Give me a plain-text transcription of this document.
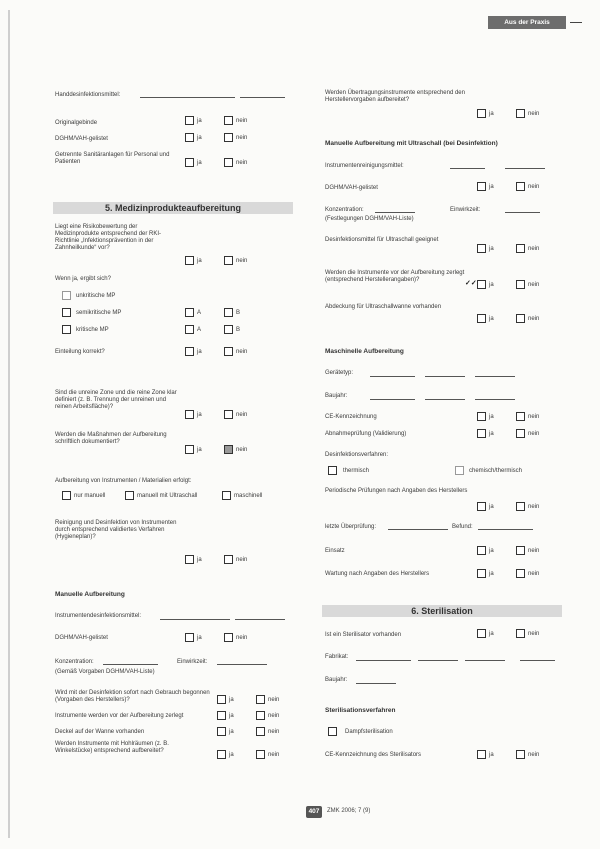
Aus der Praxis
Handdesinfektionsmittel:
Originalgebinde	ja	nein
DGHM/VAH-gelistet	ja	nein
Getrennte Sanitäranlagen für Personal und Patienten	ja	nein
5. Medizinprodukteaufbereitung
Liegt eine Risikobewertung der Medizinprodukte entsprechend der RKI-Richtlinie „Infektionsprävention in der Zahnheilkunde“ vor?
ja	nein
Wenn ja, ergibt sich?
unkritische MP
semikritische MP	A	B
kritische MP	A	B
Einteilung korrekt?	ja	nein
Sind die unreine Zone und die reine Zone klar definiert (z. B. Trennung der unreinen und reinen Arbeitsfläche)?
ja	nein
Werden die Maßnahmen der Aufbereitung schriftlich dokumentiert?
ja	nein
Aufbereitung von Instrumenten / Materialien erfolgt:
nur manuell	manuell mit Ultraschall	maschinell
Reinigung und Desinfektion von Instrumenten durch entsprechend validiertes Verfahren (Hygieneplan)?
ja	nein
Manuelle Aufbereitung
Instrumentendesinfektionsmittel:
DGHM/VAH-gelistet	ja	nein
Konzentration:	Einwirkzeit:
(Gemäß Vorgaben DGHM/VAH-Liste)
Wird mit der Desinfektion sofort nach Gebrauch begonnen (Vorgaben des Herstellers)?	ja	nein
Instrumente werden vor der Aufbereitung zerlegt	ja	nein
Deckel auf der Wanne vorhanden	ja	nein
Werden Instrumente mit Hohlräumen (z. B. Winkelstücke) entsprechend aufbereitet?
ja	nein
Werden Übertragungsinstrumente entsprechend den Herstellervorgaben aufbereitet?
ja	nein
Manuelle Aufbereitung mit Ultraschall (bei Desinfektion)
Instrumentenreinigungsmittel:
DGHM/VAH-gelistet	ja	nein
Konzentration:	Einwirkzeit:
(Festlegungen DGHM/VAH-Liste)
Desinfektionsmittel für Ultraschall geeignet
ja	nein
Werden die Instrumente vor der Aufbereitung zerlegt (entsprechend Herstellerangaben)?	✓✓ ja	nein
Abdeckung für Ultraschallwanne vorhanden
ja	nein
Maschinelle Aufbereitung
Gerätetyp:
Baujahr:
CE-Kennzeichnung	ja	nein
Abnahmeprüfung (Validierung)	ja	nein
Desinfektionsverfahren:
thermisch	chemisch/thermisch
Periodische Prüfungen nach Angaben des Herstellers
ja	nein
letzte Überprüfung:	Befund:
Einsatz	ja	nein
Wartung nach Angaben des Herstellers	ja	nein
6. Sterilisation
Ist ein Sterilisator vorhanden	ja	nein
Fabrikat:
Baujahr:
Sterilisationsverfahren
Dampfsterilisation
CE-Kennzeichnung des Sterilisators	ja	nein
407	ZMK 2006; 7 (9)
